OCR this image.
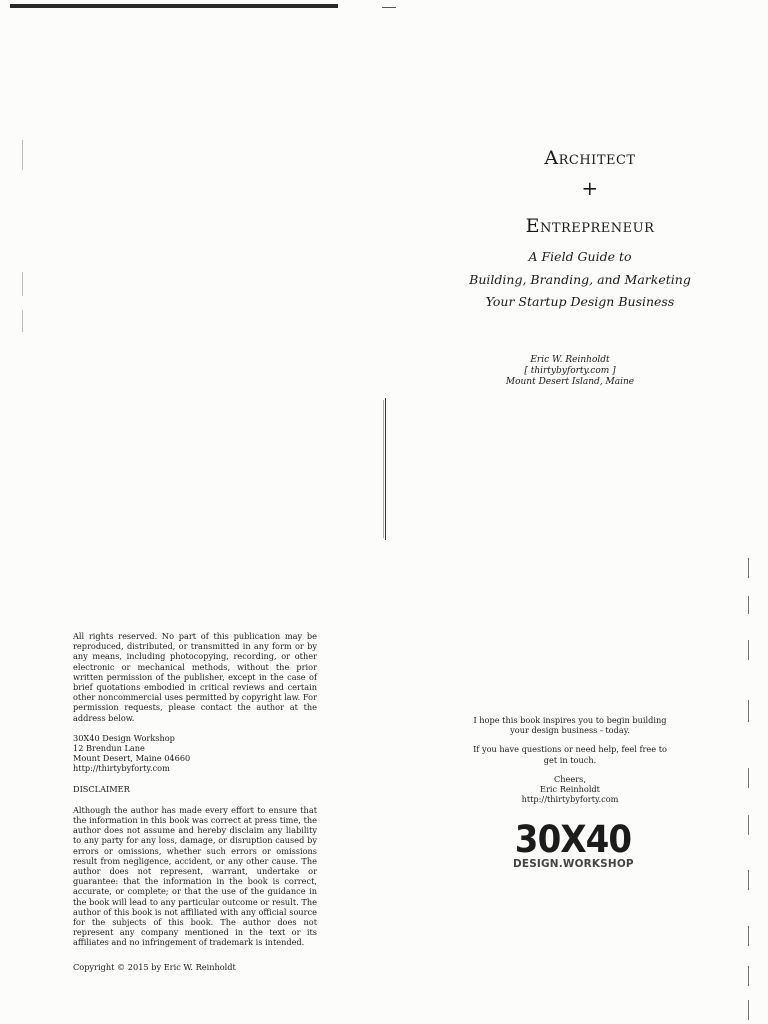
Architect
+
Entrepreneur
A Field Guide to
Building, Branding, and Marketing
Your Startup Design Business
Eric W. Reinholdt
[ thirtybyforty.com ]
Mount Desert Island, Maine

All rights reserved. No part of this publication may be reproduced, distributed, or transmitted in any form or by any means, including photocopying, recording, or other electronic or mechanical methods, without the prior written permission of the publisher, except in the case of brief quotations embodied in critical reviews and certain other noncommercial uses permitted by copyright law. For permission requests, please contact the author at the address below.

30X40 Design Workshop
12 Brendun Lane
Mount Desert, Maine 04660
http://thirtybyforty.com

DISCLAIMER

Although the author has made every effort to ensure that the information in this book was correct at press time, the author does not assume and hereby disclaim any liability to any party for any loss, damage, or disruption caused by errors or omissions, whether such errors or omissions result from negligence, accident, or any other cause. The author does not represent, warrant, undertake or guarantee: that the information in the book is correct, accurate, or complete; or that the use of the guidance in the book will lead to any particular outcome or result. The author of this book is not affiliated with any official source for the subjects of this book. The author does not represent any company mentioned in the text or its affiliates and no infringement of trademark is intended.

Copyright © 2015 by Eric W. Reinholdt

I hope this book inspires you to begin building your design business - today.

If you have questions or need help, feel free to get in touch.

Cheers,
Eric Reinholdt
http://thirtybyforty.com

30X40
DESIGN.WORKSHOP
